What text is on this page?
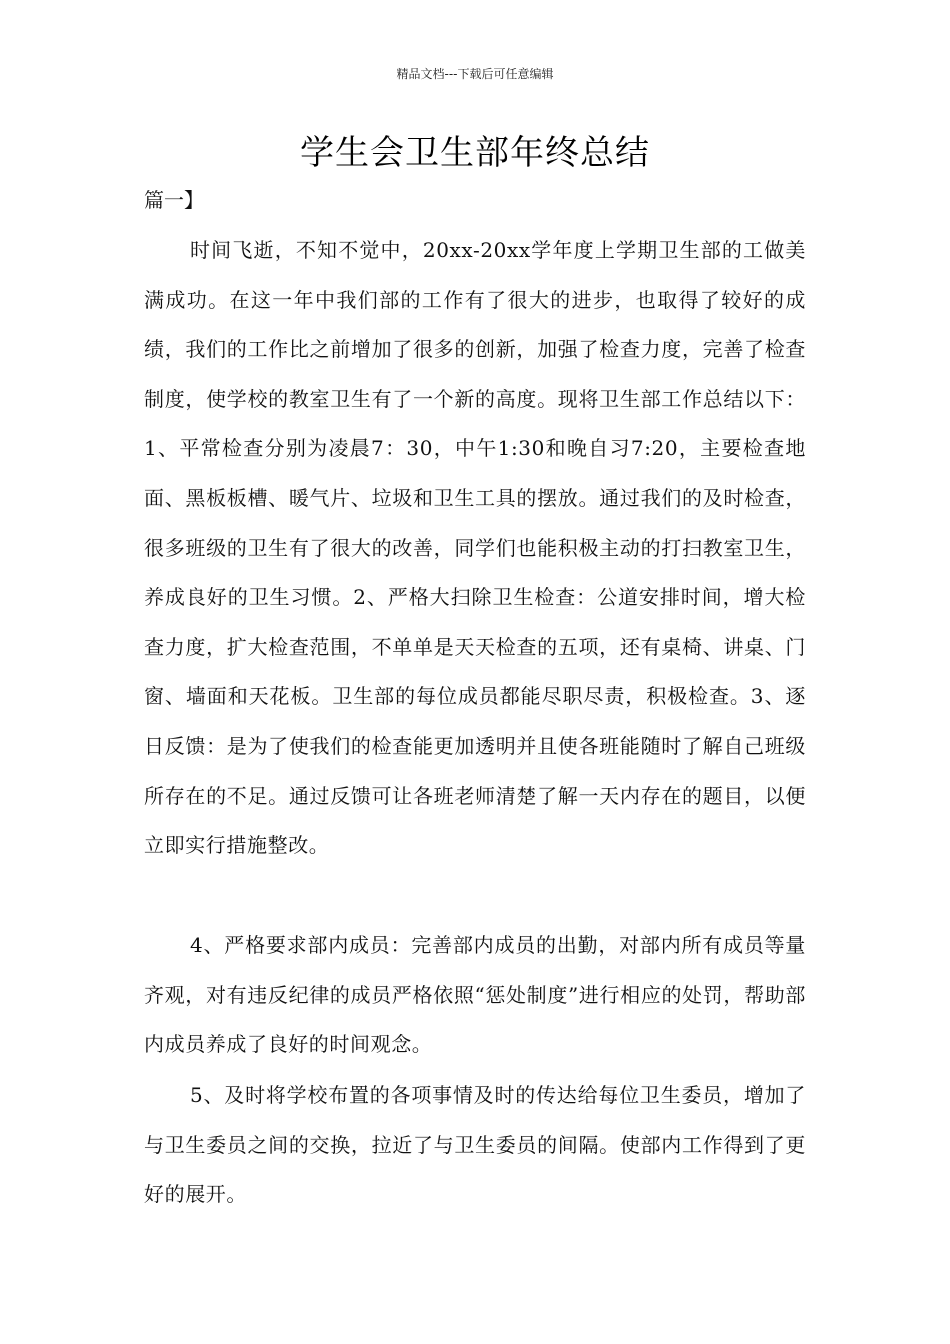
精品文档---下载后可任意编辑
学生会卫生部年终总结
篇一】

时间飞逝，不知不觉中，20xx-20xx学年度上学期卫生部的工做美满成功。在这一年中我们部的工作有了很大的进步，也取得了较好的成绩，我们的工作比之前增加了很多的创新，加强了检查力度，完善了检查制度，使学校的教室卫生有了一个新的高度。现将卫生部工作总结以下：1、平常检查分别为凌晨7：30，中午1:30和晚自习7:20，主要检查地面、黑板板槽、暖气片、垃圾和卫生工具的摆放。通过我们的及时检查，很多班级的卫生有了很大的改善，同学们也能积极主动的打扫教室卫生，养成良好的卫生习惯。2、严格大扫除卫生检查：公道安排时间，增大检查力度，扩大检查范围，不单单是天天检查的五项，还有桌椅、讲桌、门窗、墙面和天花板。卫生部的每位成员都能尽职尽责，积极检查。3、逐日反馈：是为了使我们的检查能更加透明并且使各班能随时了解自己班级所存在的不足。通过反馈可让各班老师清楚了解一天内存在的题目，以便立即实行措施整改。

4、严格要求部内成员：完善部内成员的出勤，对部内所有成员等量齐观，对有违反纪律的成员严格依照“惩处制度”进行相应的处罚，帮助部内成员养成了良好的时间观念。

5、及时将学校布置的各项事情及时的传达给每位卫生委员，增加了与卫生委员之间的交换，拉近了与卫生委员的间隔。使部内工作得到了更好的展开。
